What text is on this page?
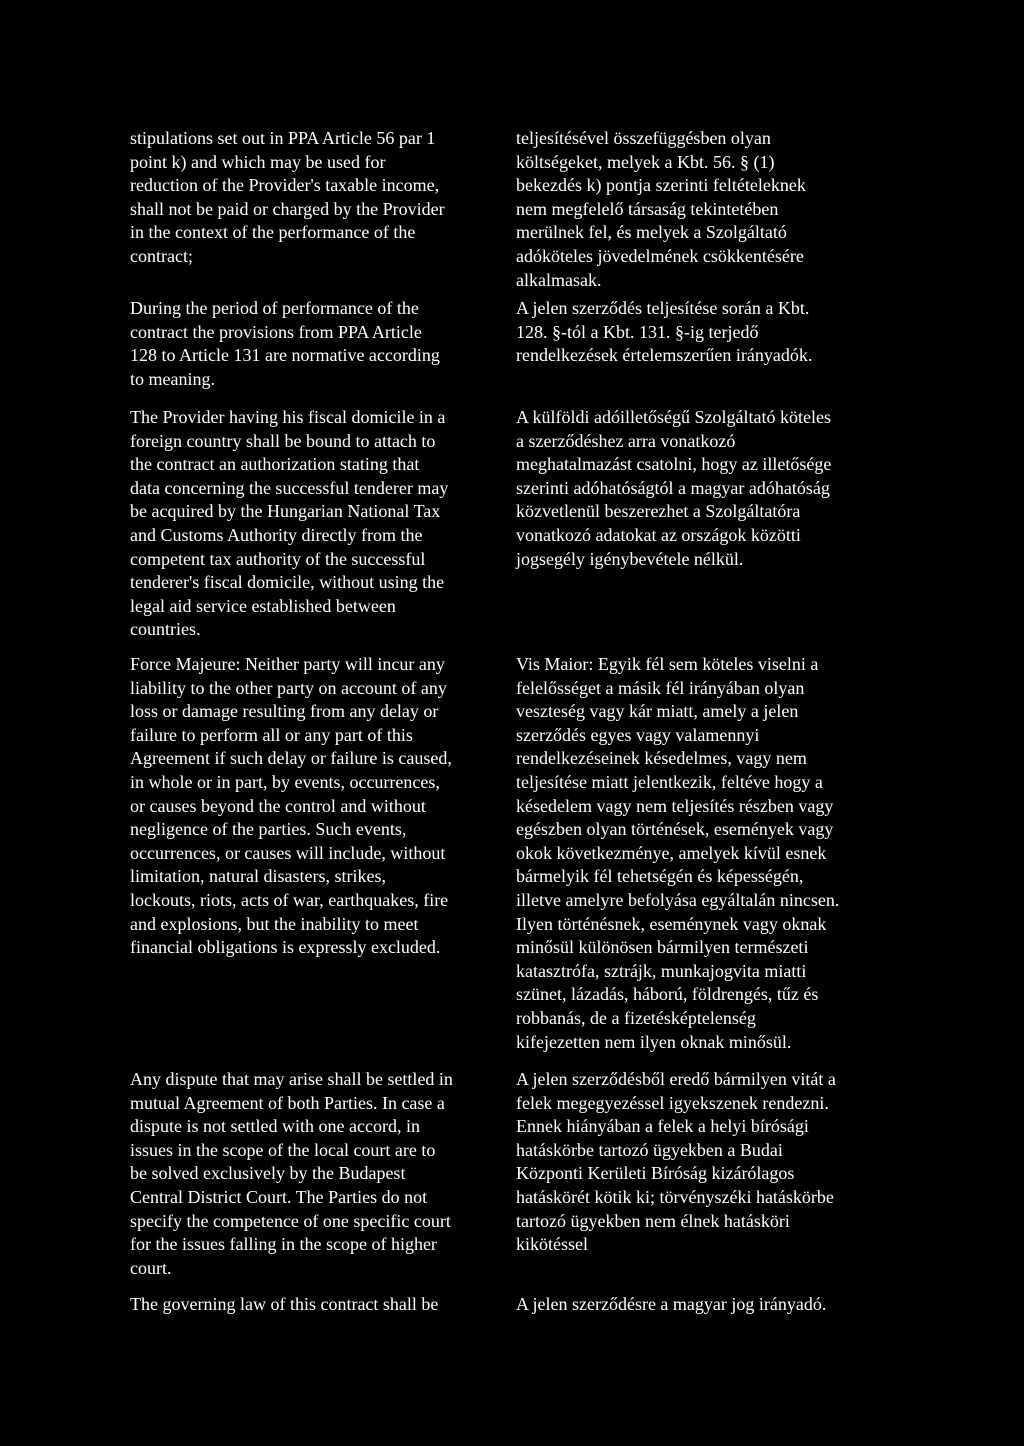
stipulations set out in PPA Article 56 par 1
point k) and which may be used for
reduction of the Provider's taxable income,
shall not be paid or charged by the Provider
in the context of the performance of the
contract;

teljesítésével összefüggésben olyan
költségeket, melyek a Kbt. 56. § (1)
bekezdés k) pontja szerinti feltételeknek
nem megfelelő társaság tekintetében
merülnek fel, és melyek a Szolgáltató
adóköteles jövedelmének csökkentésére
alkalmasak.

During the period of performance of the
contract the provisions from PPA Article
128 to Article 131 are normative according
to meaning.

A jelen szerződés teljesítése során a Kbt.
128. §-tól a Kbt. 131. §-ig terjedő
rendelkezések értelemszerűen irányadók.

The Provider having his fiscal domicile in a
foreign country shall be bound to attach to
the contract an authorization stating that
data concerning the successful tenderer may
be acquired by the Hungarian National Tax
and Customs Authority directly from the
competent tax authority of the successful
tenderer's fiscal domicile, without using the
legal aid service established between
countries.

A külföldi adóilletőségű Szolgáltató köteles
a szerződéshez arra vonatkozó
meghatalmazást csatolni, hogy az illetősége
szerinti adóhatóságtól a magyar adóhatóság
közvetlenül beszerezhet a Szolgáltatóra
vonatkozó adatokat az országok közötti
jogsegély igénybevétele nélkül.

Force Majeure: Neither party will incur any
liability to the other party on account of any
loss or damage resulting from any delay or
failure to perform all or any part of this
Agreement if such delay or failure is caused,
in whole or in part, by events, occurrences,
or causes beyond the control and without
negligence of the parties. Such events,
occurrences, or causes will include, without
limitation, natural disasters, strikes,
lockouts, riots, acts of war, earthquakes, fire
and explosions, but the inability to meet
financial obligations is expressly excluded.

Vis Maior: Egyik fél sem köteles viselni a
felelősséget a másik fél irányában olyan
veszteség vagy kár miatt, amely a jelen
szerződés egyes vagy valamennyi
rendelkezéseinek késedelmes, vagy nem
teljesítése miatt jelentkezik, feltéve hogy a
késedelem vagy nem teljesítés részben vagy
egészben olyan történések, események vagy
okok következménye, amelyek kívül esnek
bármelyik fél tehetségén és képességén,
illetve amelyre befolyása egyáltalán nincsen.
Ilyen történésnek, eseménynek vagy oknak
minősül különösen bármilyen természeti
katasztrófa, sztrájk, munkajogvita miatti
szünet, lázadás, háború, földrengés, tűz és
robbanás, de a fizetésképtelenség
kifejezetten nem ilyen oknak minősül.

Any dispute that may arise shall be settled in
mutual Agreement of both Parties. In case a
dispute is not settled with one accord, in
issues in the scope of the local court are to
be solved exclusively by the Budapest
Central District Court. The Parties do not
specify the competence of one specific court
for the issues falling in the scope of higher
court.

A jelen szerződésből eredő bármilyen vitát a
felek megegyezéssel igyekszenek rendezni.
Ennek hiányában a felek a helyi bírósági
hatáskörbe tartozó ügyekben a Budai
Központi Kerületi Bíróság kizárólagos
hatáskörét kötik ki; törvényszéki hatáskörbe
tartozó ügyekben nem élnek hatásköri
kikötéssel

The governing law of this contract shall be	A jelen szerződésre a magyar jog irányadó.
